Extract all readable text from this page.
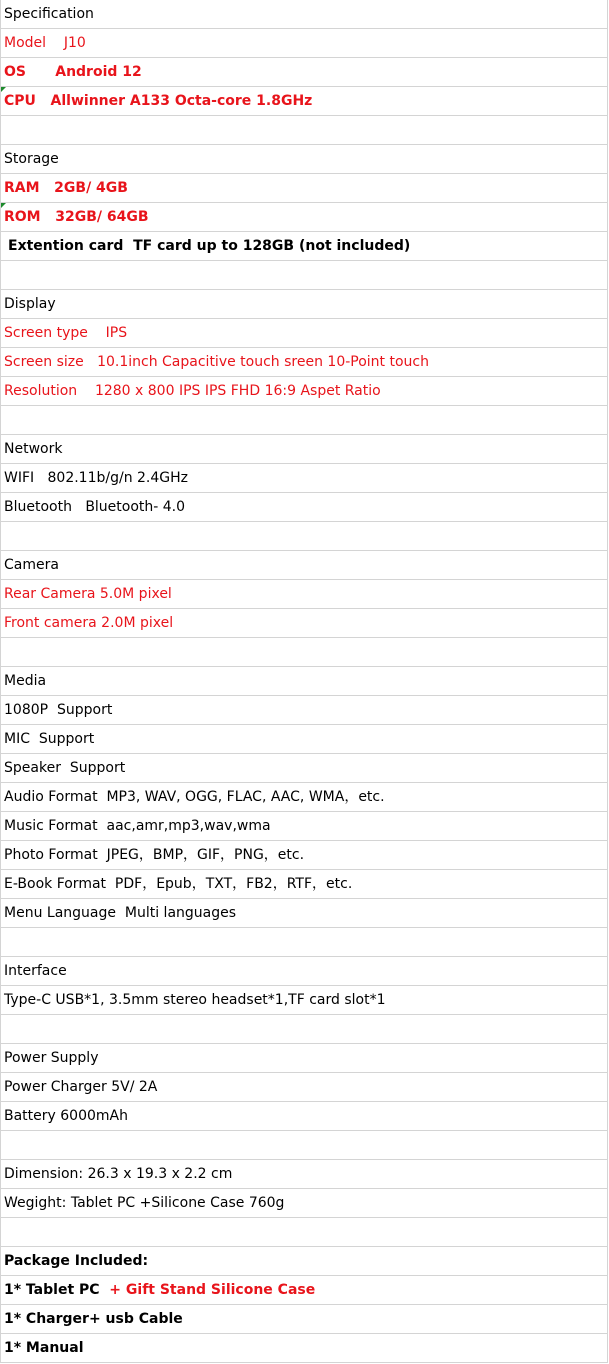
Specification
Model    J10
OS      Android 12
CPU   Allwinner A133 Octa-core 1.8GHz
Storage
RAM   2GB/ 4GB
ROM   32GB/ 64GB
Extention card  TF card up to 128GB (not included)
Display
Screen type    IPS
Screen size   10.1inch Capacitive touch sreen 10-Point touch
Resolution    1280 x 800 IPS IPS FHD 16:9 Aspet Ratio
Network
WIFI   802.11b/g/n 2.4GHz
Bluetooth   Bluetooth- 4.0
Camera
Rear Camera 5.0M pixel
Front camera 2.0M pixel
Media
1080P  Support
MIC  Support
Speaker  Support
Audio Format  MP3, WAV, OGG, FLAC, AAC, WMA，etc.
Music Format  aac,amr,mp3,wav,wma
Photo Format  JPEG，BMP，GIF，PNG，etc.
E-Book Format  PDF，Epub，TXT，FB2，RTF，etc.
Menu Language  Multi languages
Interface
Type-C USB*1, 3.5mm stereo headset*1,TF card slot*1
Power Supply
Power Charger 5V/ 2A
Battery 6000mAh
Dimension: 26.3 x 19.3 x 2.2 cm
Wegight: Tablet PC +Silicone Case 760g
Package Included:
1* Tablet PC  + Gift Stand Silicone Case
1* Charger+ usb Cable
1* Manual
